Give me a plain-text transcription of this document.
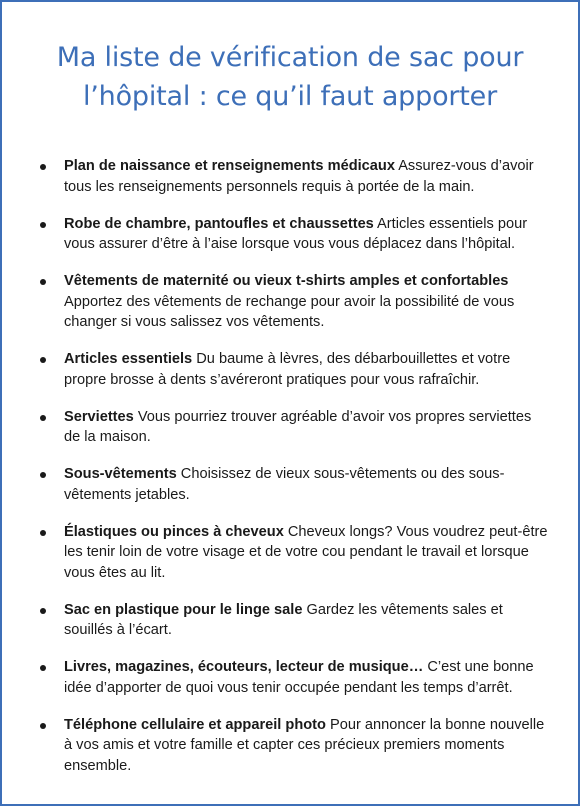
Ma liste de vérification de sac pour
l’hôpital : ce qu’il faut apporter
Plan de naissance et renseignements médicaux Assurez-vous d’avoir tous les renseignements personnels requis à portée de la main.
Robe de chambre, pantoufles et chaussettes Articles essentiels pour vous assurer d’être à l’aise lorsque vous vous déplacez dans l’hôpital.
Vêtements de maternité ou vieux t-shirts amples et confortables Apportez des vêtements de rechange pour avoir la possibilité de vous changer si vous salissez vos vêtements.
Articles essentiels Du baume à lèvres, des débarbouillettes et votre propre brosse à dents s’avéreront pratiques pour vous rafraîchir.
Serviettes Vous pourriez trouver agréable d’avoir vos propres serviettes de la maison.
Sous-vêtements Choisissez de vieux sous-vêtements ou des sous-vêtements jetables.
Élastiques ou pinces à cheveux Cheveux longs? Vous voudrez peut-être les tenir loin de votre visage et de votre cou pendant le travail et lorsque vous êtes au lit.
Sac en plastique pour le linge sale Gardez les vêtements sales et souillés à l’écart.
Livres, magazines, écouteurs, lecteur de musique… C’est une bonne idée d’apporter de quoi vous tenir occupée pendant les temps d’arrêt.
Téléphone cellulaire et appareil photo Pour annoncer la bonne nouvelle à vos amis et votre famille et capter ces précieux premiers moments ensemble.
